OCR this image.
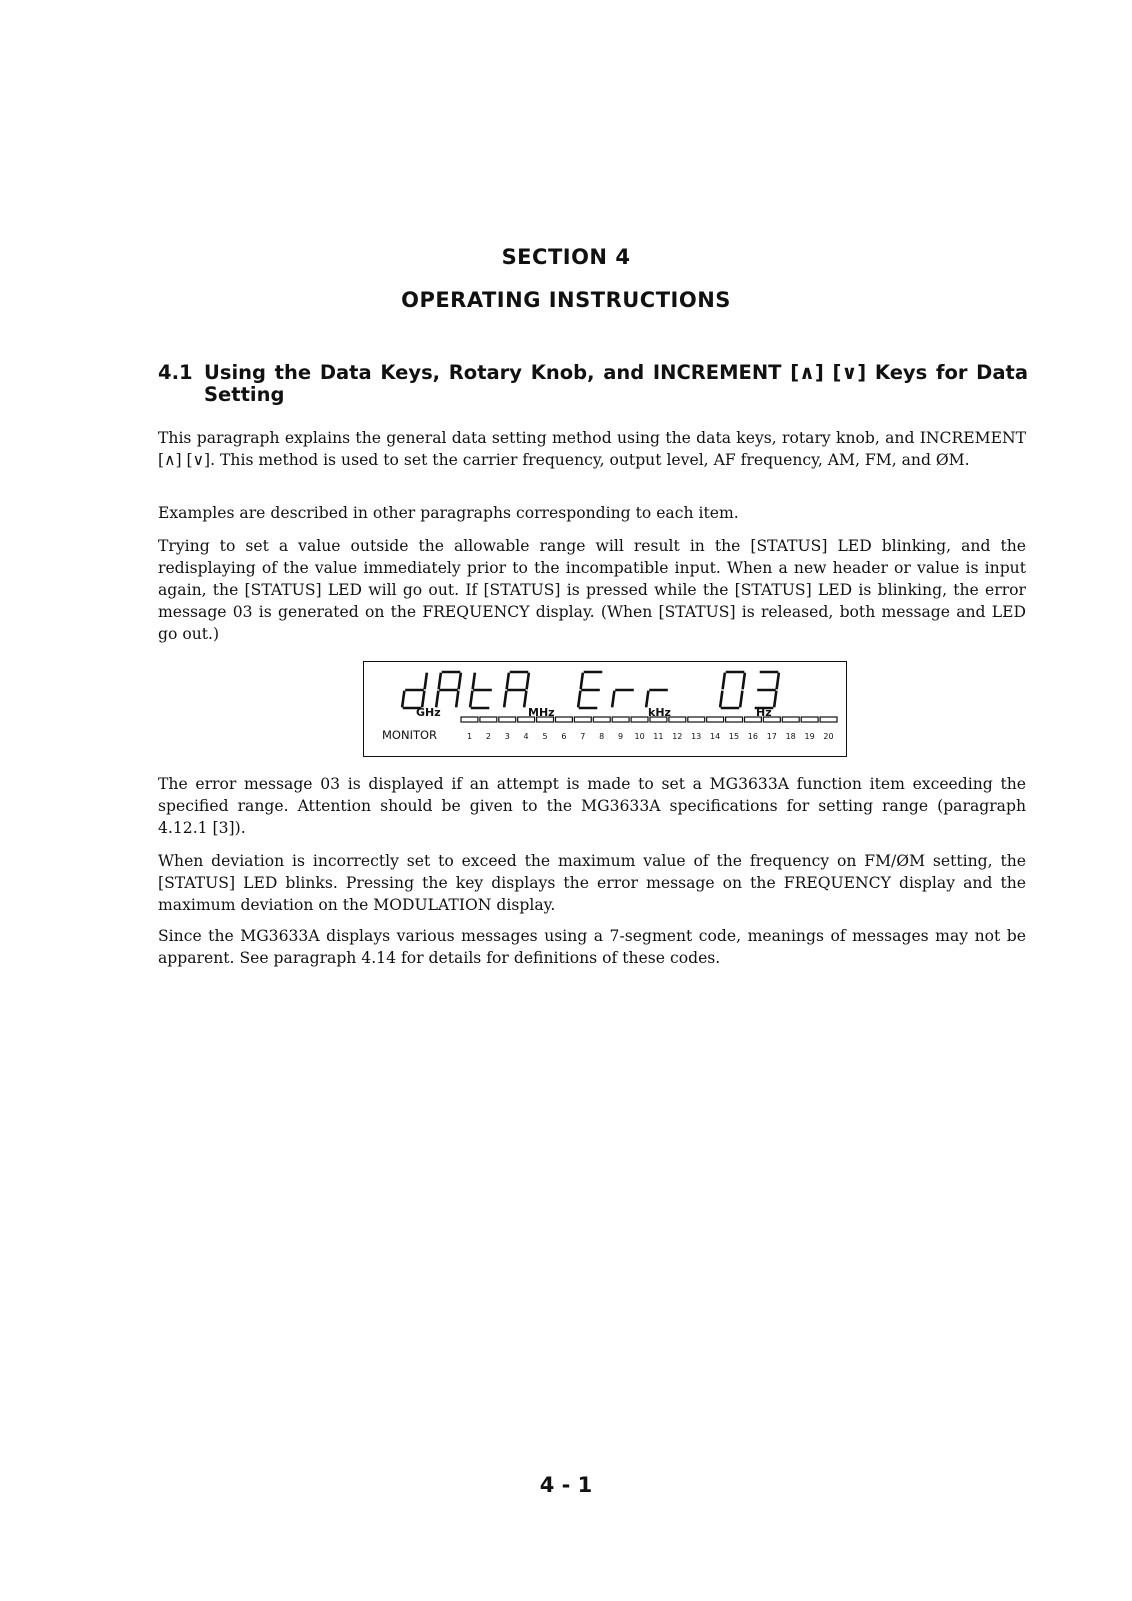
SECTION 4
OPERATING INSTRUCTIONS
4.1 Using the Data Keys, Rotary Knob, and INCREMENT [∧] [∨] Keys for Data Setting

This paragraph explains the general data setting method using the data keys, rotary knob, and INCREMENT [∧] [∨]. This method is used to set the carrier frequency, output level, AF frequency, AM, FM, and ØM.

Examples are described in other paragraphs corresponding to each item.

Trying to set a value outside the allowable range will result in the [STATUS] LED blinking, and the redisplaying of the value immediately prior to the incompatible input. When a new header or value is input again, the [STATUS] LED will go out. If [STATUS] is pressed while the [STATUS] LED is blinking, the error message 03 is generated on the FREQUENCY display. (When [STATUS] is released, both message and LED go out.)

GHz	MHz	kHz	Hz
MONITOR	1 2 3 4 5 6 7 8 9 10 11 12 13 14 15 16 17 18 19 20

The error message 03 is displayed if an attempt is made to set a MG3633A function item exceeding the specified range. Attention should be given to the MG3633A specifications for setting range (paragraph 4.12.1 [3]).

When deviation is incorrectly set to exceed the maximum value of the frequency on FM/ØM setting, the [STATUS] LED blinks. Pressing the key displays the error message on the FREQUENCY display and the maximum deviation on the MODULATION display.

Since the MG3633A displays various messages using a 7-segment code, meanings of messages may not be apparent. See paragraph 4.14 for details for definitions of these codes.

4 - 1
